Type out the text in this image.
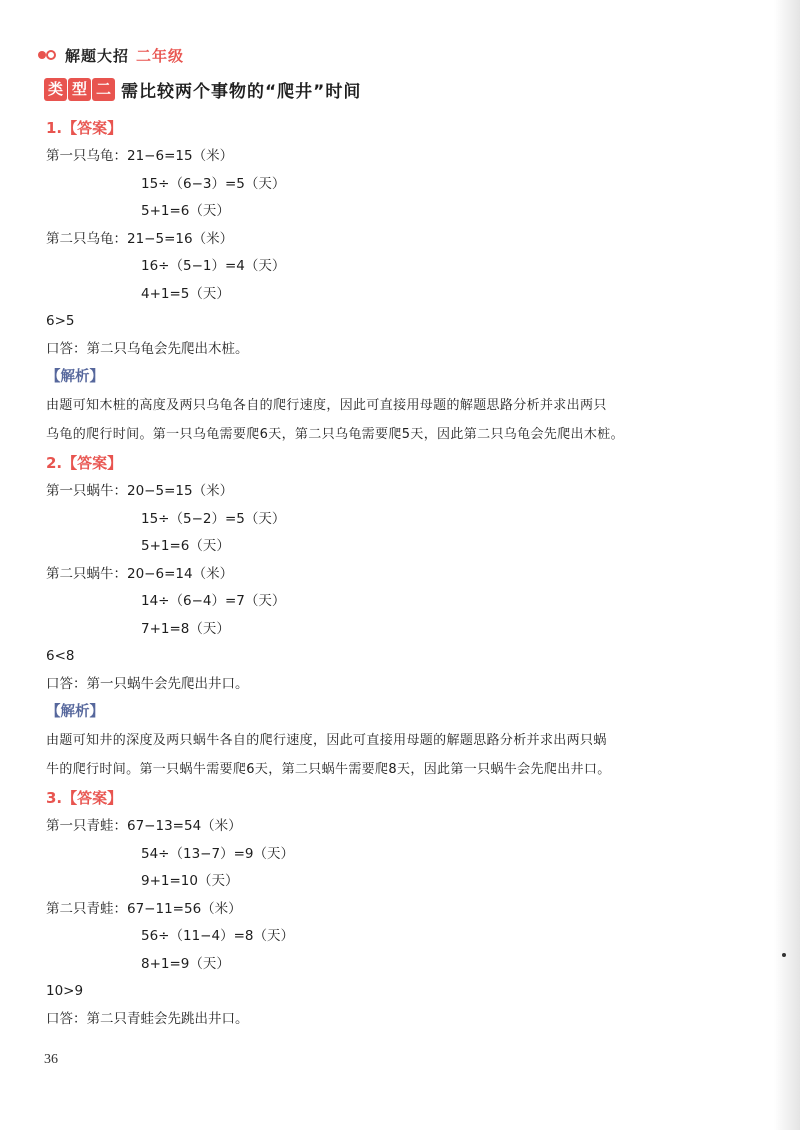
解题大招 二年级
类 型 二 需比较两个事物的“爬井”时间
1.【答案】
第一只乌龟：21−6=15（米）
15÷（6−3）=5（天）
5+1=6（天）
第二只乌龟：21−5=16（米）
16÷（5−1）=4（天）
4+1=5（天）
6>5
口答：第二只乌龟会先爬出木桩。
【解析】
由题可知木桩的高度及两只乌龟各自的爬行速度，因此可直接用母题的解题思路分析并求出两只
乌龟的爬行时间。第一只乌龟需要爬6天，第二只乌龟需要爬5天，因此第二只乌龟会先爬出木桩。
2.【答案】
第一只蜗牛：20−5=15（米）
15÷（5−2）=5（天）
5+1=6（天）
第二只蜗牛：20−6=14（米）
14÷（6−4）=7（天）
7+1=8（天）
6<8
口答：第一只蜗牛会先爬出井口。
【解析】
由题可知井的深度及两只蜗牛各自的爬行速度，因此可直接用母题的解题思路分析并求出两只蜗
牛的爬行时间。第一只蜗牛需要爬6天，第二只蜗牛需要爬8天，因此第一只蜗牛会先爬出井口。
3.【答案】
第一只青蛙：67−13=54（米）
54÷（13−7）=9（天）
9+1=10（天）
第二只青蛙：67−11=56（米）
56÷（11−4）=8（天）
8+1=9（天）
10>9
口答：第二只青蛙会先跳出井口。
36
